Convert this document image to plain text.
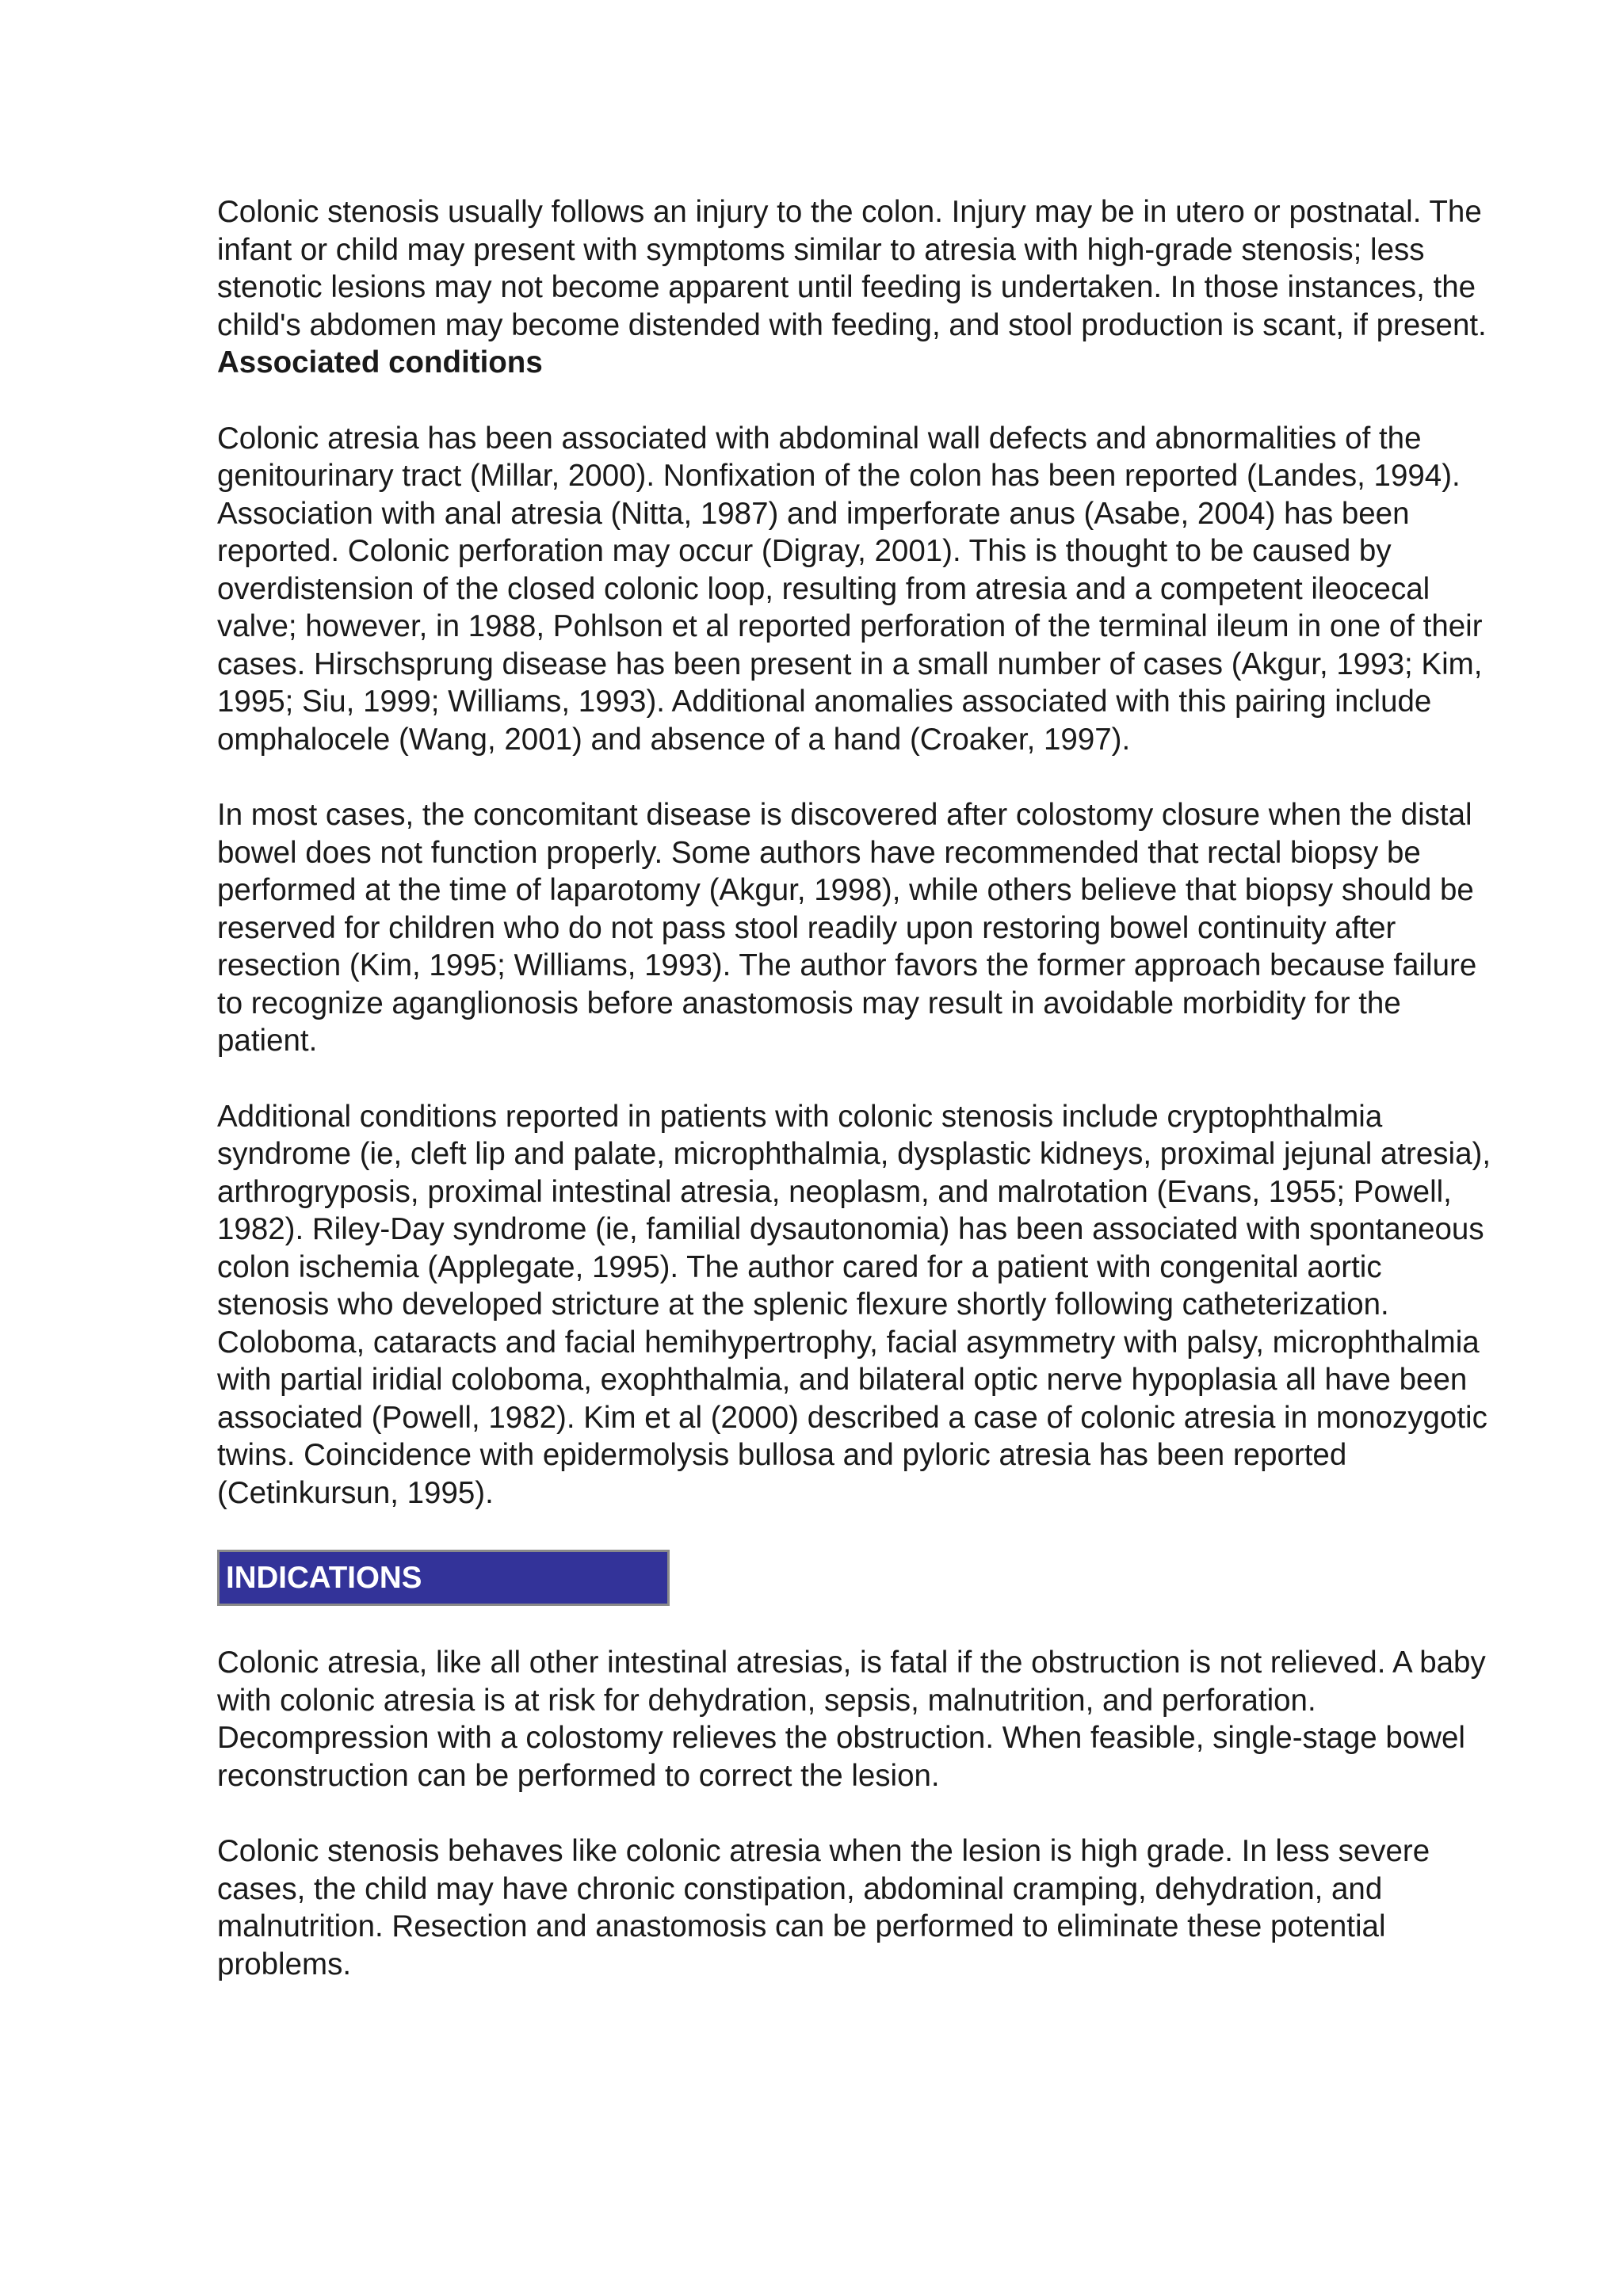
Colonic stenosis usually follows an injury to the colon. Injury may be in utero or postnatal. The infant or child may present with symptoms similar to atresia with high-grade stenosis; less stenotic lesions may not become apparent until feeding is undertaken. In those instances, the child's abdomen may become distended with feeding, and stool production is scant, if present.

Associated conditions

Colonic atresia has been associated with abdominal wall defects and abnormalities of the genitourinary tract (Millar, 2000). Nonfixation of the colon has been reported (Landes, 1994). Association with anal atresia (Nitta, 1987) and imperforate anus (Asabe, 2004) has been reported. Colonic perforation may occur (Digray, 2001). This is thought to be caused by overdistension of the closed colonic loop, resulting from atresia and a competent ileocecal valve; however, in 1988, Pohlson et al reported perforation of the terminal ileum in one of their cases. Hirschsprung disease has been present in a small number of cases (Akgur, 1993; Kim, 1995; Siu, 1999; Williams, 1993). Additional anomalies associated with this pairing include omphalocele (Wang, 2001) and absence of a hand (Croaker, 1997).

In most cases, the concomitant disease is discovered after colostomy closure when the distal bowel does not function properly. Some authors have recommended that rectal biopsy be performed at the time of laparotomy (Akgur, 1998), while others believe that biopsy should be reserved for children who do not pass stool readily upon restoring bowel continuity after resection (Kim, 1995; Williams, 1993). The author favors the former approach because failure to recognize aganglionosis before anastomosis may result in avoidable morbidity for the patient.

Additional conditions reported in patients with colonic stenosis include cryptophthalmia syndrome (ie, cleft lip and palate, microphthalmia, dysplastic kidneys, proximal jejunal atresia), arthrogryposis, proximal intestinal atresia, neoplasm, and malrotation (Evans, 1955; Powell, 1982). Riley-Day syndrome (ie, familial dysautonomia) has been associated with spontaneous colon ischemia (Applegate, 1995). The author cared for a patient with congenital aortic stenosis who developed stricture at the splenic flexure shortly following catheterization. Coloboma, cataracts and facial hemihypertrophy, facial asymmetry with palsy, microphthalmia with partial iridial coloboma, exophthalmia, and bilateral optic nerve hypoplasia all have been associated (Powell, 1982). Kim et al (2000) described a case of colonic atresia in monozygotic twins. Coincidence with epidermolysis bullosa and pyloric atresia has been reported (Cetinkursun, 1995).

INDICATIONS

Colonic atresia, like all other intestinal atresias, is fatal if the obstruction is not relieved. A baby with colonic atresia is at risk for dehydration, sepsis, malnutrition, and perforation. Decompression with a colostomy relieves the obstruction. When feasible, single-stage bowel reconstruction can be performed to correct the lesion.

Colonic stenosis behaves like colonic atresia when the lesion is high grade. In less severe cases, the child may have chronic constipation, abdominal cramping, dehydration, and malnutrition. Resection and anastomosis can be performed to eliminate these potential problems.
